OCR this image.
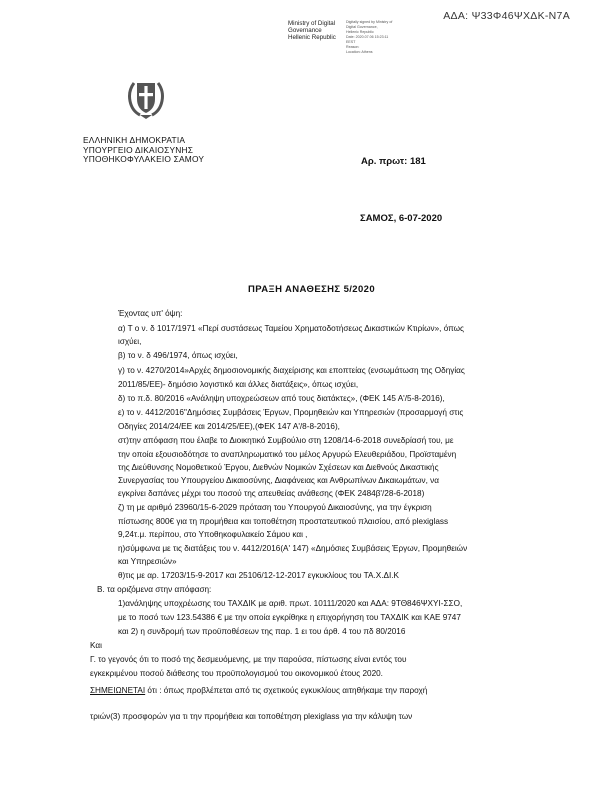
ΑΔΑ: Ψ33Φ46ΨΧΔΚ-Ν7Α
Ministry of Digital
Governance
Hellenic Republic
Digitally signed by Ministry of
Digital Governance,
Hellenic Republic
Date: 2020.07.06 15:23:11
EEST
Reason:
Location: Athens
ΕΛΛΗΝΙΚΗ ΔΗΜΟΚΡΑΤΙΑ
ΥΠΟΥΡΓΕΙΟ ΔΙΚΑΙΟΣΥΝΗΣ
ΥΠΟΘΗΚΟΦΥΛΑΚΕΙΟ ΣΑΜΟΥ	Αρ. πρωτ: 181
ΣΑΜΟΣ, 6-07-2020
ΠΡΑΞΗ ΑΝΑΘΕΣΗΣ 5/2020
Έχοντας υπ' όψη:
α) Τ ο ν. δ 1017/1971 «Περί συστάσεως Ταμείου Χρηματοδοτήσεως Δικαστικών Κτιρίων», όπως
ισχύει,
β) το ν. δ 496/1974, όπως ισχύει,
γ) το ν. 4270/2014»Αρχές δημοσιονομικής διαχείρισης και εποπτείας (ενσωμάτωση της Οδηγίας
2011/85/ΕΕ)- δημόσιο λογιστικό και άλλες διατάξεις», όπως ισχύει,
δ) το π.δ. 80/2016 «Ανάληψη υποχρεώσεων από τους διατάκτες», (ΦΕΚ 145 Α'/5-8-2016),
ε) το ν. 4412/2016"Δημόσιες Συμβάσεις Έργων, Προμηθειών και Υπηρεσιών (προσαρμογή στις
Οδηγίες 2014/24/ΕΕ και 2014/25/ΕΕ),(ΦΕΚ 147 Α'/8-8-2016),
στ)την απόφαση που έλαβε το Διοικητικό Συμβούλιο στη 1208/14-6-2018 συνεδρίασή του, με
την οποία εξουσιοδότησε το αναπληρωματικό του μέλος Αργυρώ Ελευθεριάδου, Προϊσταμένη
της Διεύθυνσης Νομοθετικού Έργου, Διεθνών Νομικών Σχέσεων και Διεθνούς Δικαστικής
Συνεργασίας του Υπουργείου Δικαιοσύνης, Διαφάνειας και Ανθρωπίνων Δικαιωμάτων, να
εγκρίνει δαπάνες μέχρι του ποσού της απευθείας ανάθεσης (ΦΕΚ 2484β'/28-6-2018)
ζ) τη με αριθμό 23960/15-6-2029 πρόταση του Υπουργού Δικαιοσύνης, για την έγκριση
πίστωσης 800€ για τη προμήθεια και τοποθέτηση προστατευτικού πλαισίου, από plexiglass
9,24τ.μ. περίπου, στο Υποθηκοφυλακείο Σάμου και ,
η)σύμφωνα με τις διατάξεις του ν. 4412/2016(Α' 147) «Δημόσιες Συμβάσεις Έργων, Προμηθειών
και Υπηρεσιών»
θ)τις με αρ. 17203/15-9-2017 και 25106/12-12-2017 εγκυκλίους του ΤΑ.Χ.ΔΙ.Κ
Β. τα οριζόμενα στην απόφαση:
1)ανάληψης υποχρέωσης του ΤΑΧΔΙΚ με αριθ. πρωτ. 10111/2020 και ΑΔΑ: 9ΤΘ846ΨΧΥΙ-ΣΣΟ,
με το ποσό των 123.54386 € με την οποία εγκρίθηκε η επιχορήγηση του ΤΑΧΔΙΚ και ΚΑΕ 9747
και 2) η συνδρομή των προϋποθέσεων της παρ. 1 ει του άρθ. 4 του πδ 80/2016
Και
Γ. το γεγονός ότι το ποσό της δεσμευόμενης, με την παρούσα, πίστωσης είναι εντός του
εγκεκριμένου ποσού διάθεσης του προϋπολογισμού του οικονομικού έτους 2020.
ΣΗΜΕΙΩΝΕΤΑΙ ότι : όπως προβλέπεται από τις σχετικούς εγκυκλίους αιτηθήκαμε την παροχή
τριών(3) προσφορών για τι την προμήθεια και τοποθέτηση plexiglass για την κάλυψη των
